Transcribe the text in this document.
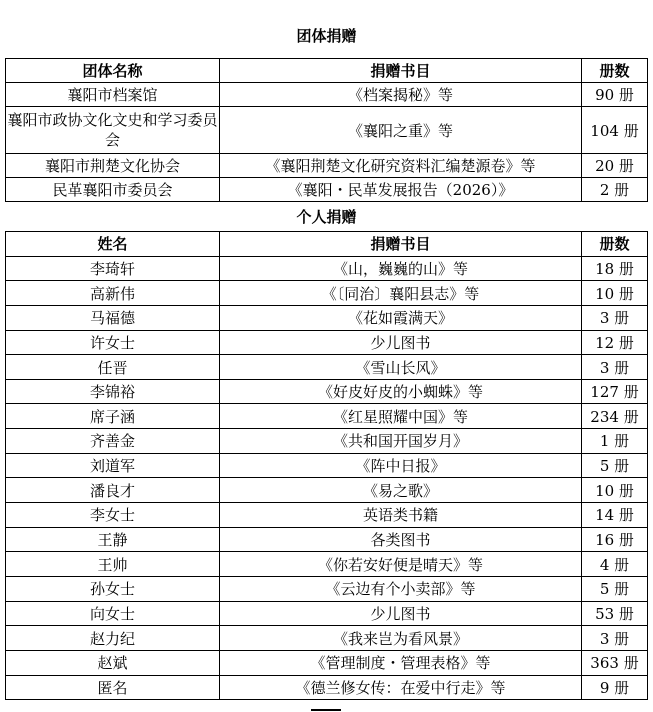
团体捐赠
团体名称	捐赠书目	册数
襄阳市档案馆	《档案揭秘》等	90 册
襄阳市政协文化文史和学习委员会	《襄阳之重》等	104 册
襄阳市荆楚文化协会	《襄阳荆楚文化研究资料汇编楚源卷》等	20 册
民革襄阳市委员会	《襄阳・民革发展报告（2026）》	2 册
个人捐赠
姓名	捐赠书目	册数
李琦轩	《山，巍巍的山》等	18 册
高新伟	《〔同治〕襄阳县志》等	10 册
马福德	《花如霞满天》	3 册
许女士	少儿图书	12 册
任晋	《雪山长风》	3 册
李锦裕	《好皮好皮的小蜘蛛》等	127 册
席子涵	《红星照耀中国》等	234 册
齐善金	《共和国开国岁月》	1 册
刘道军	《阵中日报》	5 册
潘良才	《易之歌》	10 册
李女士	英语类书籍	14 册
王静	各类图书	16 册
王帅	《你若安好便是晴天》等	4 册
孙女士	《云边有个小卖部》等	5 册
向女士	少儿图书	53 册
赵力纪	《我来岂为看风景》	3 册
赵斌	《管理制度・管理表格》等	363 册
匿名	《德兰修女传：在爱中行走》等	9 册
